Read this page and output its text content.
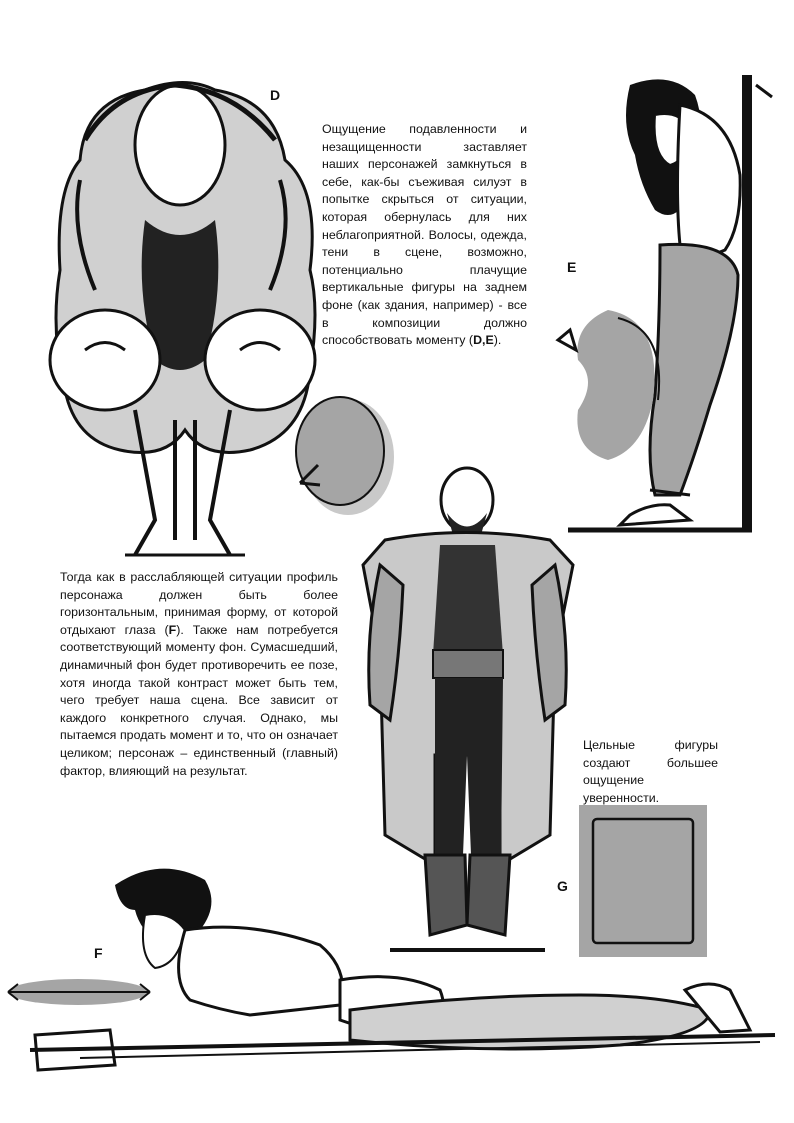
D

Ощущение подавленности и незащищенности заставляет наших персонажей замкнуться в себе, как-бы съеживая силуэт в попытке скрыться от ситуации, которая обернулась для них неблагоприятной. Волосы, одежда, тени в сцене, возможно, потенциально плачущие вертикальные фигуры на заднем фоне (как здания, например) - все в композиции должно способствовать моменту (D,E).

E

Тогда как в расслабляющей ситуации профиль персонажа должен быть более горизонтальным, принимая форму, от которой отдыхают глаза (F). Также нам потребуется соответствующий моменту фон. Сумасшедший, динамичный фон будет противоречить ее позе, хотя иногда такой контраст может быть тем, чего требует наша сцена. Все зависит от каждого конкретного случая. Однако, мы пытаемся продать момент и то, что он означает целиком; персонаж – единственный (главный) фактор, влияющий на результат.

G

Цельные фигуры создают большее ощущение уверенности.

F
